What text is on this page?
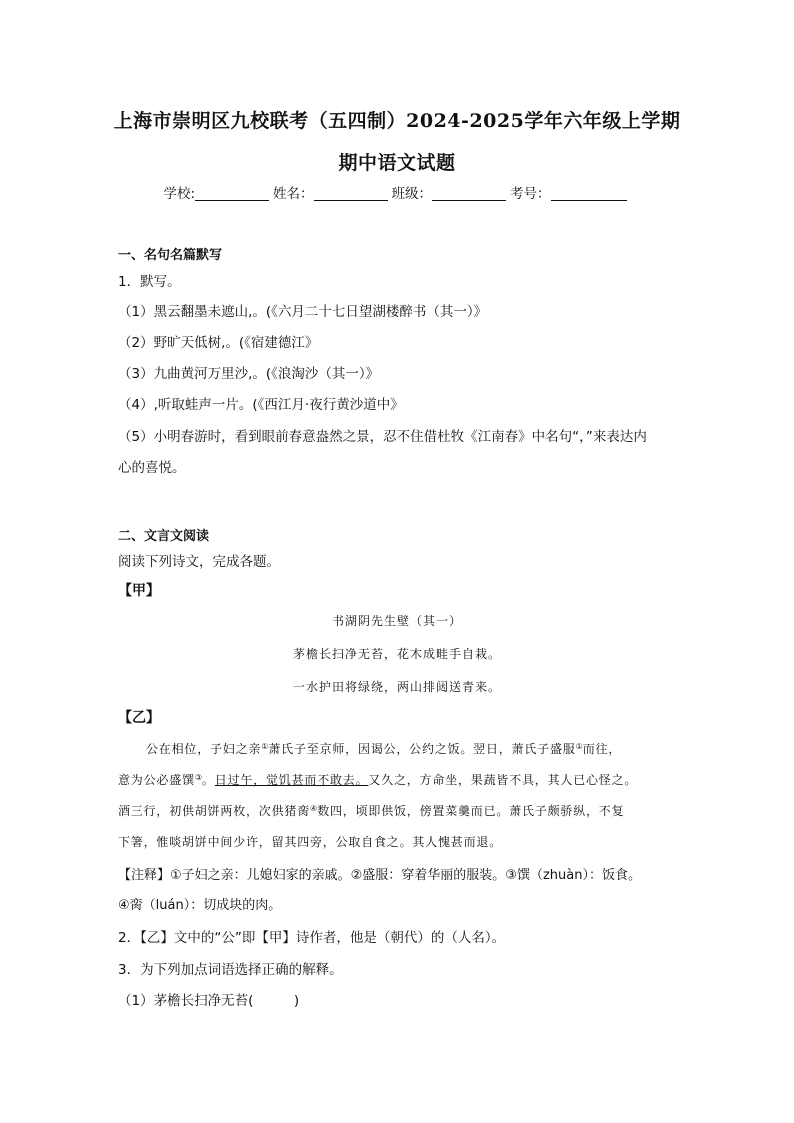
上海市崇明区九校联考（五四制）2024-2025学年六年级上学期
期中语文试题
学校:	姓名：	班级：	考号：
一、名句名篇默写
1．默写。
（1）黑云翻墨未遮山,。(《六月二十七日望湖楼醉书（其一）》
（2）野旷天低树,。(《宿建德江》
（3）九曲黄河万里沙,。(《浪淘沙（其一）》
（4）,听取蛙声一片。(《西江月·夜行黄沙道中》
（5）小明春游时，看到眼前春意盎然之景，忍不住借杜牧《江南春》中名句“，”来表达内
心的喜悦。
二、文言文阅读
阅读下列诗文，完成各题。
【甲】
书湖阴先生壁（其一）
茅檐长扫净无苔，花木成畦手自栽。
一水护田将绿绕，两山排闼送青来。
【乙】
公在相位，子妇之亲①萧氏子至京师，因谒公，公约之饭。翌日，萧氏子盛服①而往，
意为公必盛馔③。日过午，觉饥甚而不敢去。又久之，方命坐，果蔬皆不具，其人已心怪之。
酒三行，初供胡饼两枚，次供猪脔④数四，顷即供饭，傍置菜羹而已。萧氏子颇骄纵，不复
下箸，惟啖胡饼中间少许，留其四旁，公取自食之。其人愧甚而退。
【注释】①子妇之亲：儿媳妇家的亲戚。②盛服：穿着华丽的服装。③馔（zhuàn）：饭食。
④脔（luán）：切成块的肉。
2．【乙】文中的“公”即【甲】诗作者，他是（朝代）的（人名）。
3．为下列加点词语选择正确的解释。
（1）茅檐长扫净无苔(　　　)
